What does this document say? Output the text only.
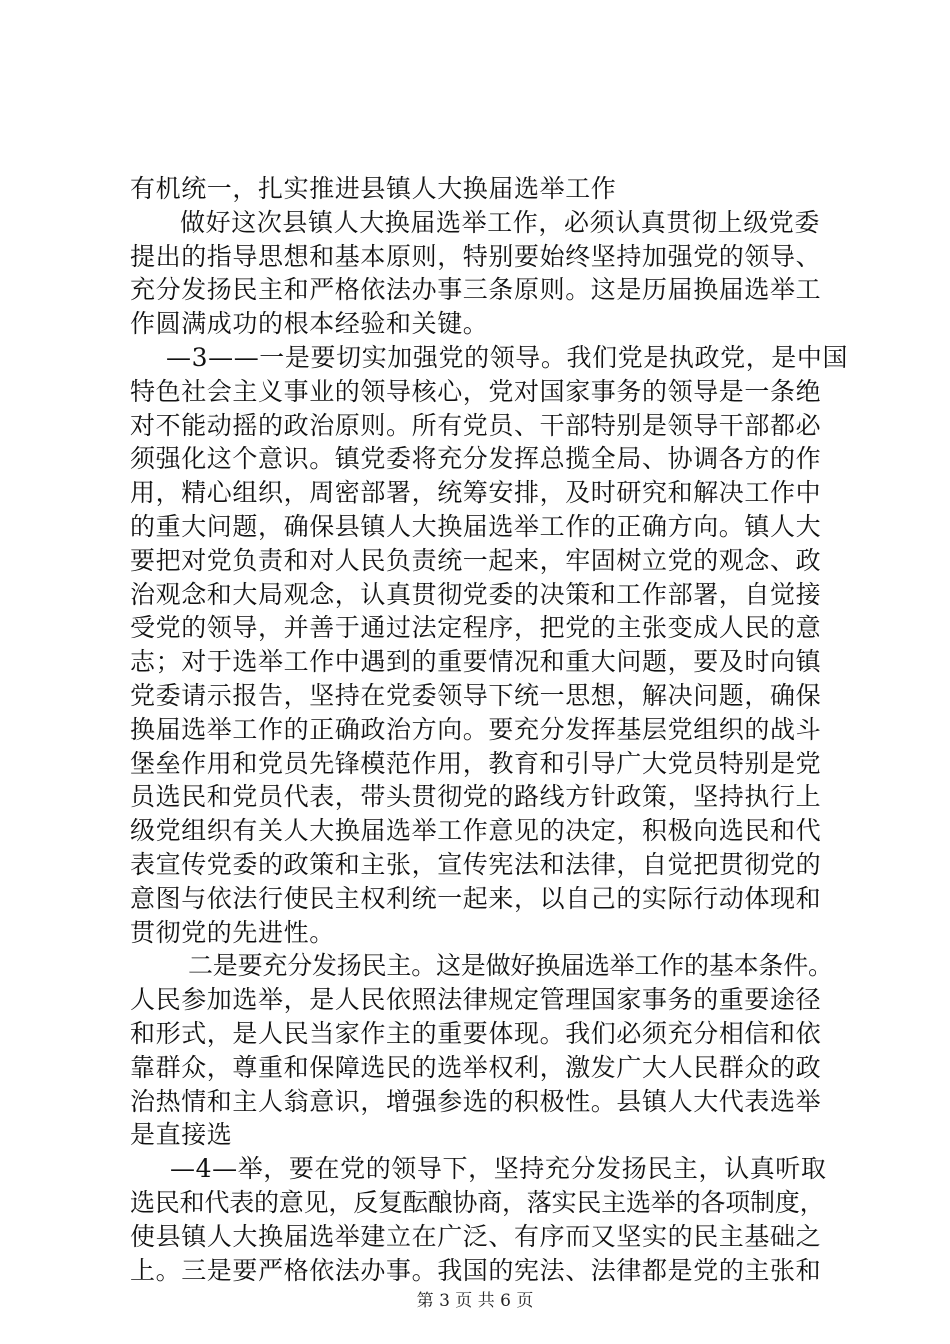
有机统一，扎实推进县镇人大换届选举工作
做好这次县镇人大换届选举工作，必须认真贯彻上级党委
提出的指导思想和基本原则，特别要始终坚持加强党的领导、
充分发扬民主和严格依法办事三条原则。这是历届换届选举工
作圆满成功的根本经验和关键。
—3——一是要切实加强党的领导。我们党是执政党，是中国
特色社会主义事业的领导核心，党对国家事务的领导是一条绝
对不能动摇的政治原则。所有党员、干部特别是领导干部都必
须强化这个意识。镇党委将充分发挥总揽全局、协调各方的作
用，精心组织，周密部署，统筹安排，及时研究和解决工作中
的重大问题，确保县镇人大换届选举工作的正确方向。镇人大
要把对党负责和对人民负责统一起来，牢固树立党的观念、政
治观念和大局观念，认真贯彻党委的决策和工作部署，自觉接
受党的领导，并善于通过法定程序，把党的主张变成人民的意
志；对于选举工作中遇到的重要情况和重大问题，要及时向镇
党委请示报告，坚持在党委领导下统一思想，解决问题，确保
换届选举工作的正确政治方向。要充分发挥基层党组织的战斗
堡垒作用和党员先锋模范作用，教育和引导广大党员特别是党
员选民和党员代表，带头贯彻党的路线方针政策，坚持执行上
级党组织有关人大换届选举工作意见的决定，积极向选民和代
表宣传党委的政策和主张，宣传宪法和法律，自觉把贯彻党的
意图与依法行使民主权利统一起来，以自己的实际行动体现和
贯彻党的先进性。
二是要充分发扬民主。这是做好换届选举工作的基本条件。
人民参加选举，是人民依照法律规定管理国家事务的重要途径
和形式，是人民当家作主的重要体现。我们必须充分相信和依
靠群众，尊重和保障选民的选举权利，激发广大人民群众的政
治热情和主人翁意识，增强参选的积极性。县镇人大代表选举
是直接选
—4—举，要在党的领导下，坚持充分发扬民主，认真听取
选民和代表的意见，反复酝酿协商，落实民主选举的各项制度，
使县镇人大换届选举建立在广泛、有序而又坚实的民主基础之
上。三是要严格依法办事。我国的宪法、法律都是党的主张和
第 3 页 共 6 页
